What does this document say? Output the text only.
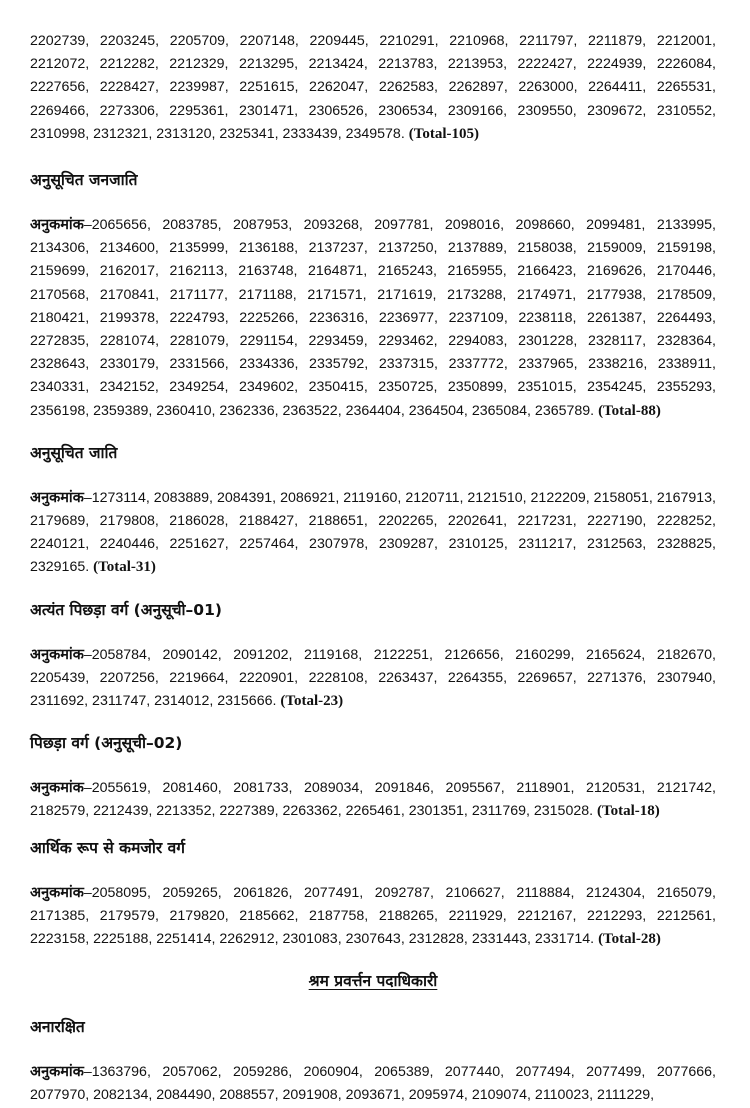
2202739, 2203245, 2205709, 2207148, 2209445, 2210291, 2210968, 2211797, 2211879, 2212001, 2212072, 2212282, 2212329, 2213295, 2213424, 2213783, 2213953, 2222427, 2224939, 2226084, 2227656, 2228427, 2239987, 2251615, 2262047, 2262583, 2262897, 2263000, 2264411, 2265531, 2269466, 2273306, 2295361, 2301471, 2306526, 2306534, 2309166, 2309550, 2309672, 2310552, 2310998, 2312321, 2313120, 2325341, 2333439, 2349578. (Total-105)

अनुसूचित जनजाति

अनुकमांक–2065656, 2083785, 2087953, 2093268, 2097781, 2098016, 2098660, 2099481, 2133995, 2134306, 2134600, 2135999, 2136188, 2137237, 2137250, 2137889, 2158038, 2159009, 2159198, 2159699, 2162017, 2162113, 2163748, 2164871, 2165243, 2165955, 2166423, 2169626, 2170446, 2170568, 2170841, 2171177, 2171188, 2171571, 2171619, 2173288, 2174971, 2177938, 2178509, 2180421, 2199378, 2224793, 2225266, 2236316, 2236977, 2237109, 2238118, 2261387, 2264493, 2272835, 2281074, 2281079, 2291154, 2293459, 2293462, 2294083, 2301228, 2328117, 2328364, 2328643, 2330179, 2331566, 2334336, 2335792, 2337315, 2337772, 2337965, 2338216, 2338911, 2340331, 2342152, 2349254, 2349602, 2350415, 2350725, 2350899, 2351015, 2354245, 2355293, 2356198, 2359389, 2360410, 2362336, 2363522, 2364404, 2364504, 2365084, 2365789. (Total-88)

अनुसूचित जाति

अनुकमांक–1273114, 2083889, 2084391, 2086921, 2119160, 2120711, 2121510, 2122209, 2158051, 2167913, 2179689, 2179808, 2186028, 2188427, 2188651, 2202265, 2202641, 2217231, 2227190, 2228252, 2240121, 2240446, 2251627, 2257464, 2307978, 2309287, 2310125, 2311217, 2312563, 2328825, 2329165. (Total-31)

अत्यंत पिछड़ा वर्ग (अनुसूची–01)

अनुकमांक–2058784, 2090142, 2091202, 2119168, 2122251, 2126656, 2160299, 2165624, 2182670, 2205439, 2207256, 2219664, 2220901, 2228108, 2263437, 2264355, 2269657, 2271376, 2307940, 2311692, 2311747, 2314012, 2315666. (Total-23)

पिछड़ा वर्ग (अनुसूची–02)

अनुकमांक–2055619, 2081460, 2081733, 2089034, 2091846, 2095567, 2118901, 2120531, 2121742, 2182579, 2212439, 2213352, 2227389, 2263362, 2265461, 2301351, 2311769, 2315028. (Total-18)

आर्थिक रूप से कमजोर वर्ग

अनुकमांक–2058095, 2059265, 2061826, 2077491, 2092787, 2106627, 2118884, 2124304, 2165079, 2171385, 2179579, 2179820, 2185662, 2187758, 2188265, 2211929, 2212167, 2212293, 2212561, 2223158, 2225188, 2251414, 2262912, 2301083, 2307643, 2312828, 2331443, 2331714. (Total-28)

श्रम प्रवर्त्तन पदाधिकारी
अनारक्षित

अनुकमांक–1363796, 2057062, 2059286, 2060904, 2065389, 2077440, 2077494, 2077499, 2077666, 2077970, 2082134, 2084490, 2088557, 2091908, 2093671, 2095974, 2109074, 2110023, 2111229,
